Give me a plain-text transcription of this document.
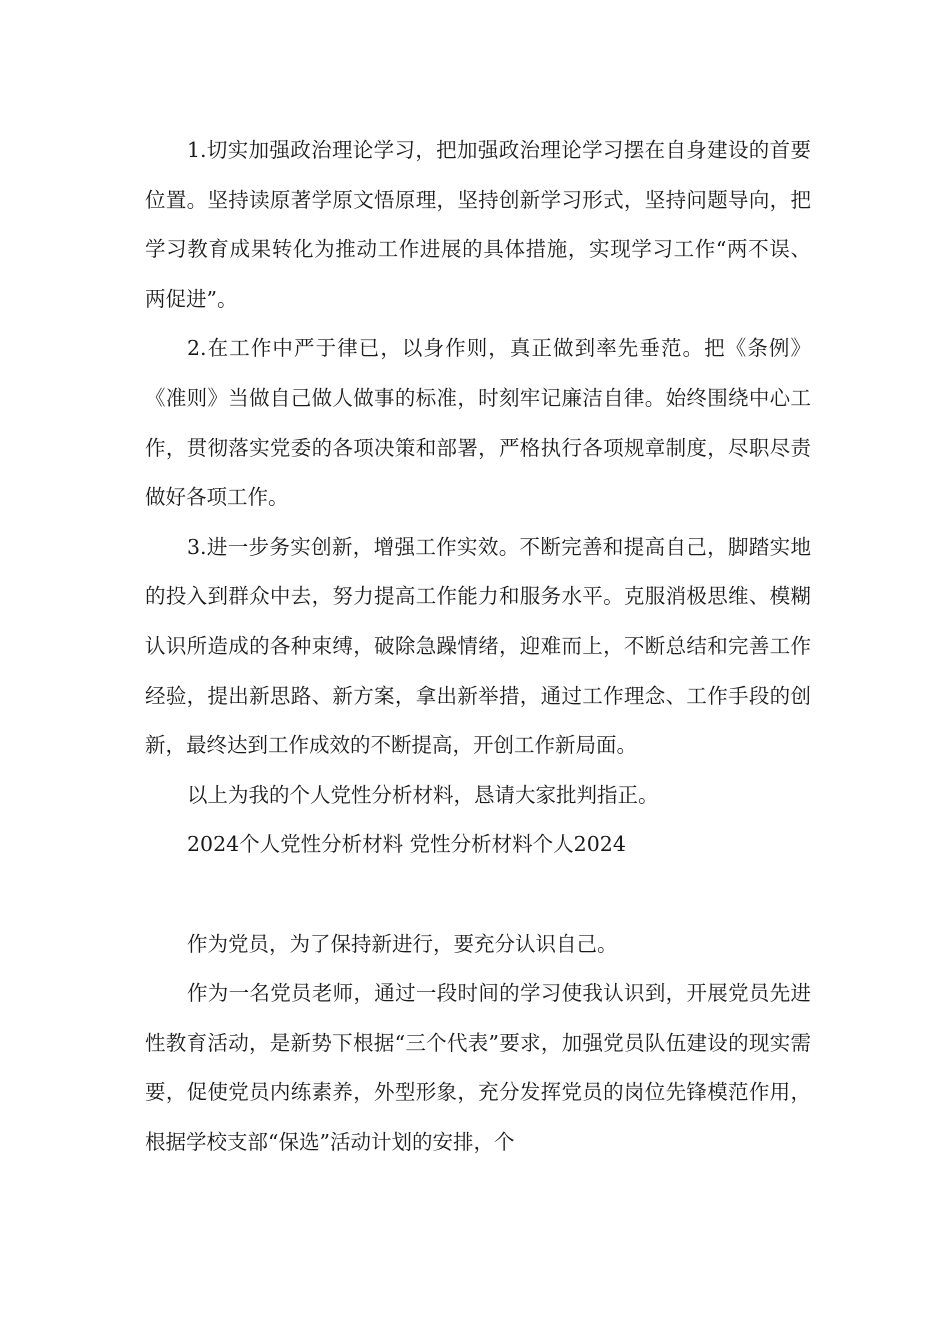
1.切实加强政治理论学习，把加强政治理论学习摆在自身建设的首要位置。坚持读原著学原文悟原理，坚持创新学习形式，坚持问题导向，把学习教育成果转化为推动工作进展的具体措施，实现学习工作“两不误、两促进”。

2.在工作中严于律已，以身作则，真正做到率先垂范。把《条例》《准则》当做自己做人做事的标准，时刻牢记廉洁自律。始终围绕中心工作，贯彻落实党委的各项决策和部署，严格执行各项规章制度，尽职尽责做好各项工作。

3.进一步务实创新，增强工作实效。不断完善和提高自己，脚踏实地的投入到群众中去，努力提高工作能力和服务水平。克服消极思维、模糊认识所造成的各种束缚，破除急躁情绪，迎难而上，不断总结和完善工作经验，提出新思路、新方案，拿出新举措，通过工作理念、工作手段的创新，最终达到工作成效的不断提高，开创工作新局面。

以上为我的个人党性分析材料，恳请大家批判指正。

2024个人党性分析材料 党性分析材料个人2024

作为党员，为了保持新进行，要充分认识自己。

作为一名党员老师，通过一段时间的学习使我认识到，开展党员先进性教育活动，是新势下根据“三个代表”要求，加强党员队伍建设的现实需要，促使党员内练素养，外型形象，充分发挥党员的岗位先锋模范作用，根据学校支部“保选”活动计划的安排，个
